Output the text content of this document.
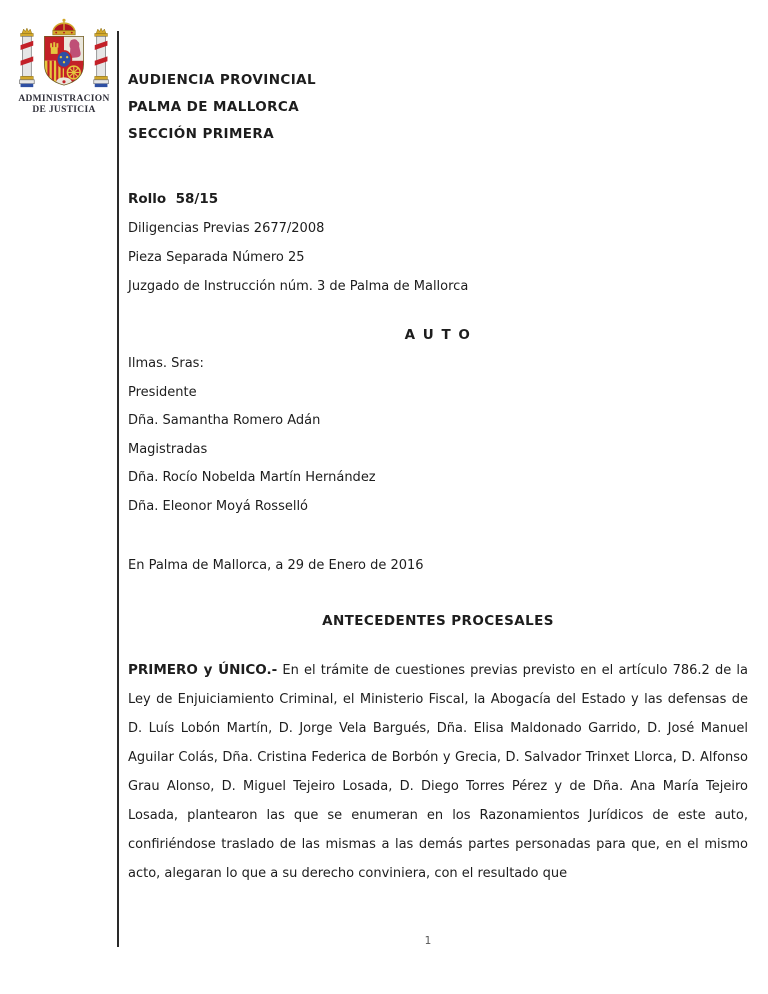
ADMINISTRACION
DE JUSTICIA
AUDIENCIA PROVINCIAL
PALMA DE MALLORCA
SECCIÓN PRIMERA
Rollo  58/15
Diligencias Previas 2677/2008
Pieza Separada Número 25
Juzgado de Instrucción núm. 3 de Palma de Mallorca
A U T O
Ilmas. Sras:
Presidente
Dña. Samantha Romero Adán
Magistradas
Dña. Rocío Nobelda Martín Hernández
Dña. Eleonor Moyá Rosselló
En Palma de Mallorca, a 29 de Enero de 2016
ANTECEDENTES PROCESALES

PRIMERO y ÚNICO.- En el trámite de cuestiones previas previsto en el artículo 786.2 de la Ley de Enjuiciamiento Criminal, el Ministerio Fiscal, la Abogacía del Estado y las defensas de D. Luís Lobón Martín, D. Jorge Vela Bargués, Dña. Elisa Maldonado Garrido, D. José Manuel Aguilar Colás, Dña. Cristina Federica de Borbón y Grecia, D. Salvador Trinxet Llorca, D. Alfonso Grau Alonso, D. Miguel Tejeiro Losada, D. Diego Torres Pérez y de Dña. Ana María Tejeiro Losada, plantearon las que se enumeran en los Razonamientos Jurídicos de este auto, confiriéndose traslado de las mismas a las demás partes personadas para que, en el mismo acto, alegaran lo que a su derecho conviniera, con el resultado que

1
